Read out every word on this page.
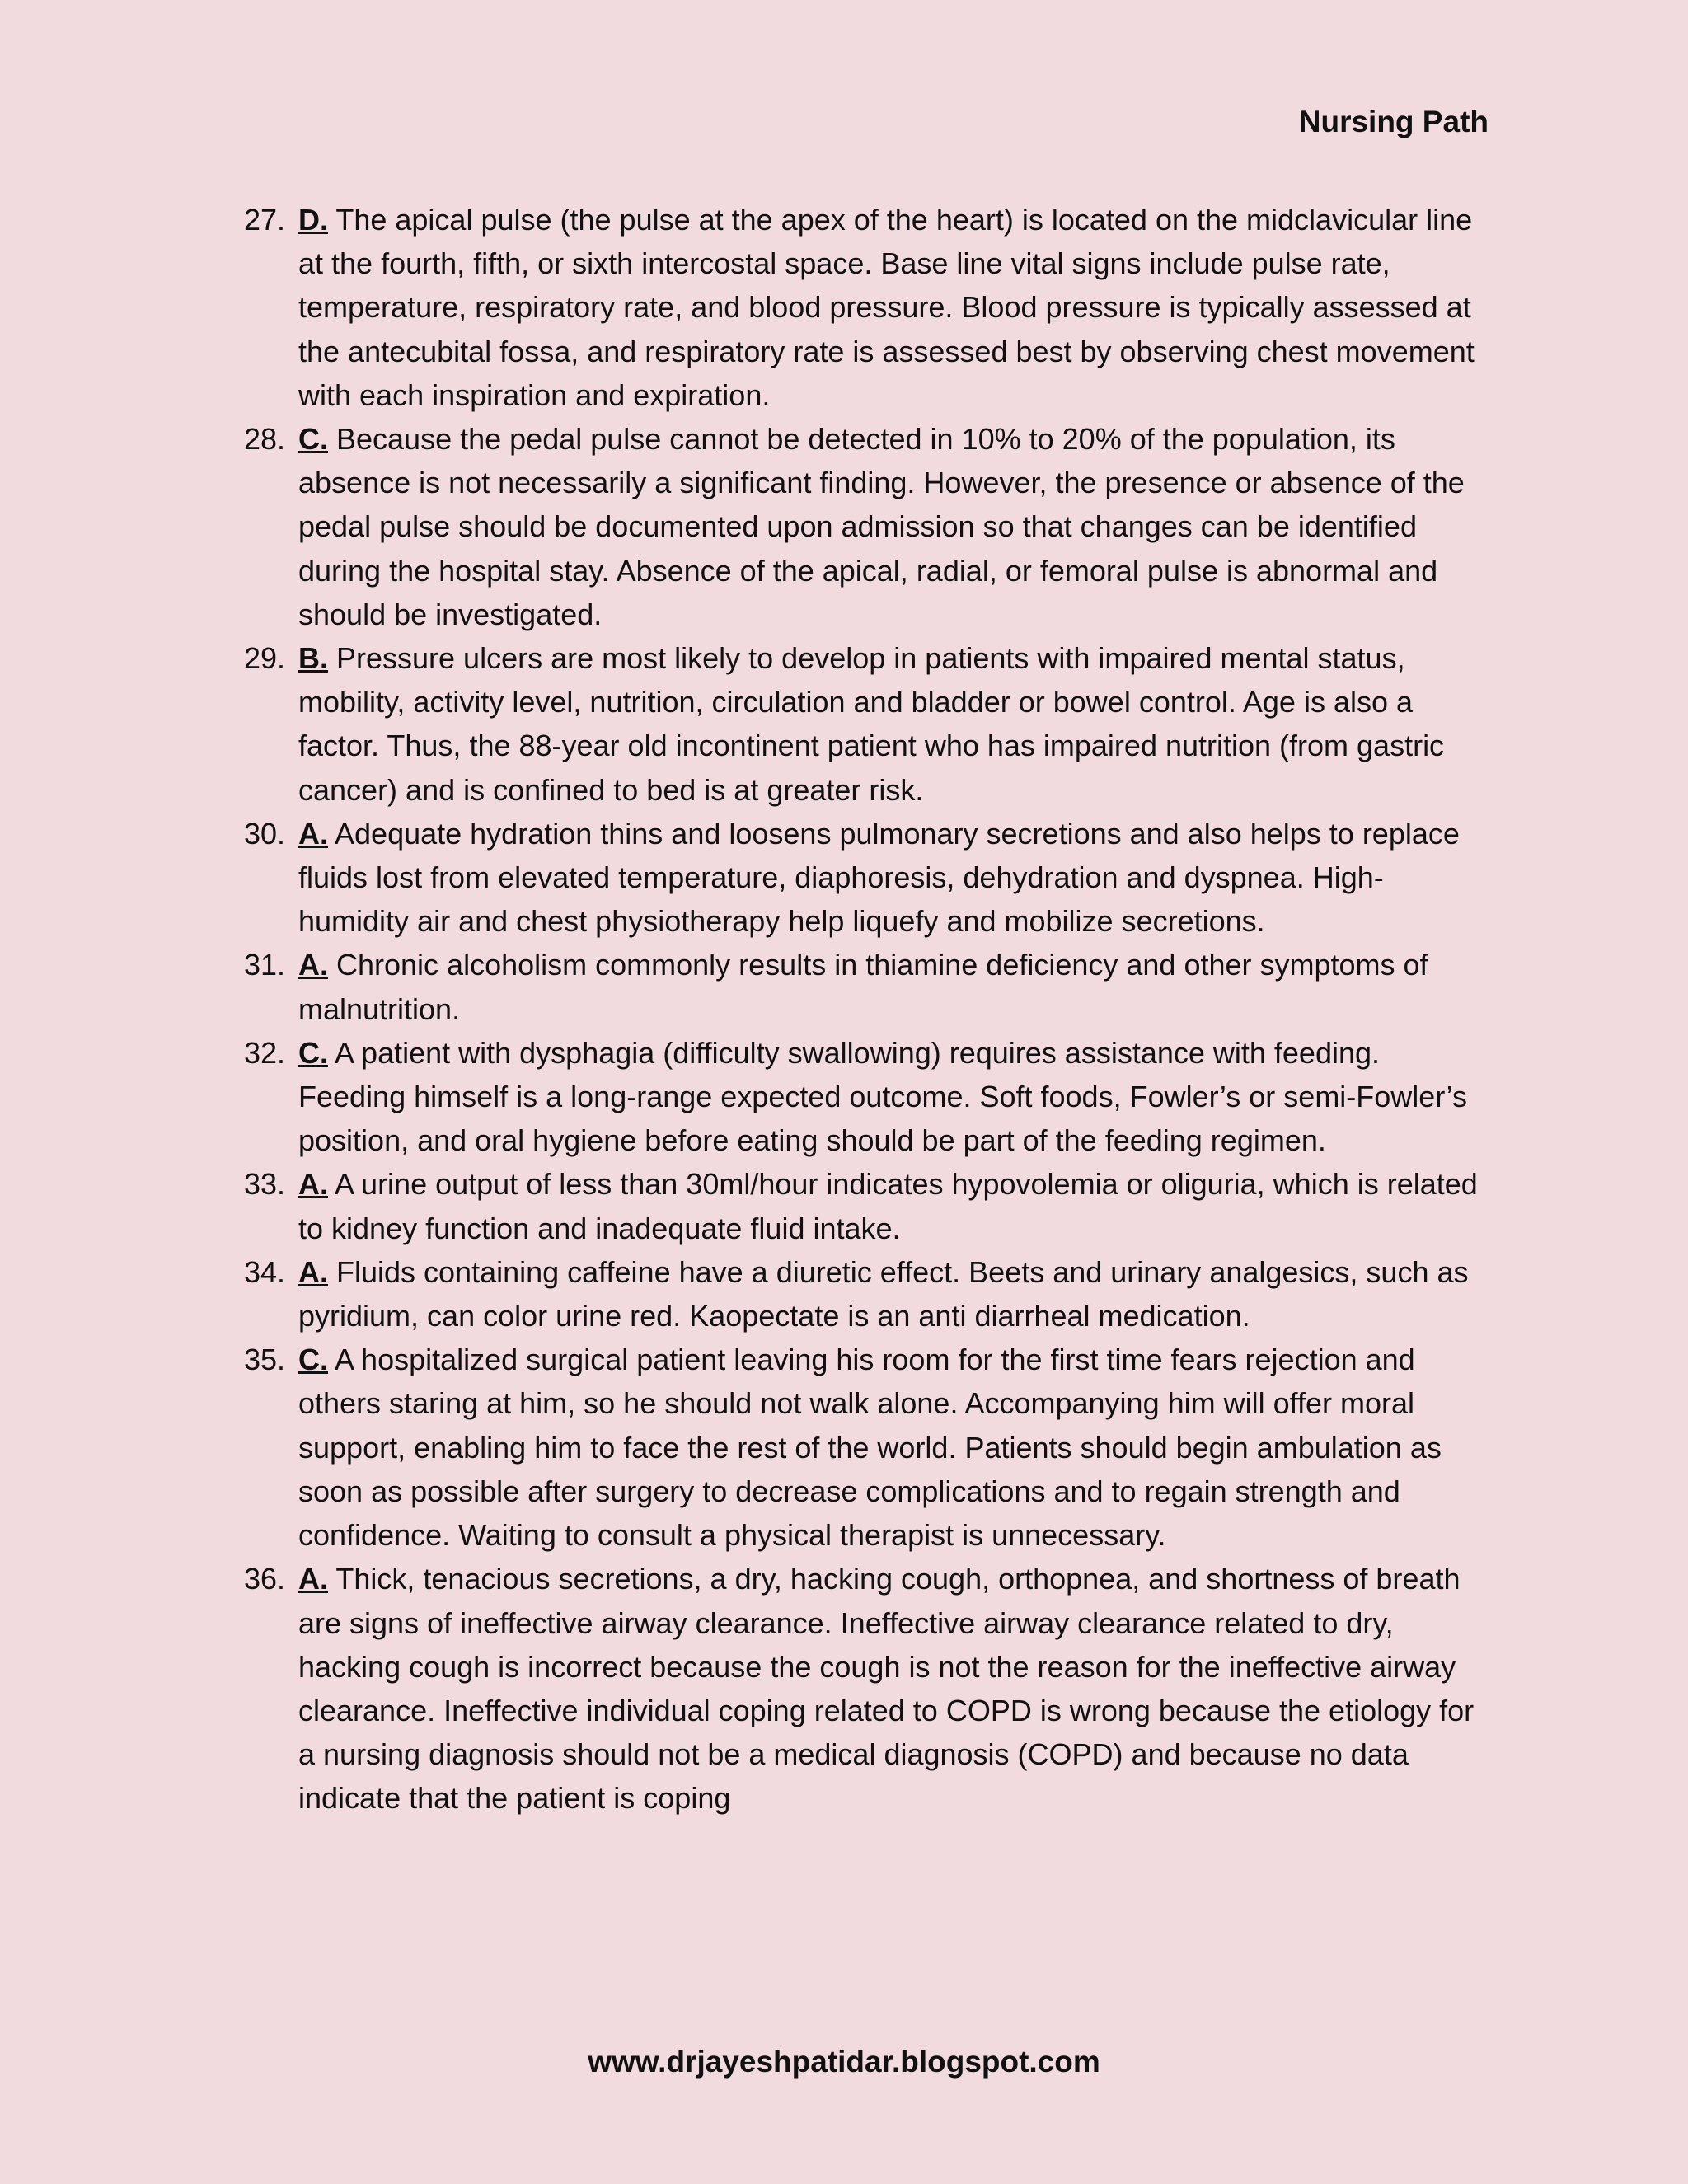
Nursing Path
27. D. The apical pulse (the pulse at the apex of the heart) is located on the midclavicular line at the fourth, fifth, or sixth intercostal space. Base line vital signs include pulse rate, temperature, respiratory rate, and blood pressure. Blood pressure is typically assessed at the antecubital fossa, and respiratory rate is assessed best by observing chest movement with each inspiration and expiration.
28. C. Because the pedal pulse cannot be detected in 10% to 20% of the population, its absence is not necessarily a significant finding. However, the presence or absence of the pedal pulse should be documented upon admission so that changes can be identified during the hospital stay. Absence of the apical, radial, or femoral pulse is abnormal and should be investigated.
29. B. Pressure ulcers are most likely to develop in patients with impaired mental status, mobility, activity level, nutrition, circulation and bladder or bowel control. Age is also a factor. Thus, the 88-year old incontinent patient who has impaired nutrition (from gastric cancer) and is confined to bed is at greater risk.
30. A. Adequate hydration thins and loosens pulmonary secretions and also helps to replace fluids lost from elevated temperature, diaphoresis, dehydration and dyspnea. High- humidity air and chest physiotherapy help liquefy and mobilize secretions.
31. A. Chronic alcoholism commonly results in thiamine deficiency and other symptoms of malnutrition.
32. C. A patient with dysphagia (difficulty swallowing) requires assistance with feeding. Feeding himself is a long-range expected outcome. Soft foods, Fowler’s or semi-Fowler’s position, and oral hygiene before eating should be part of the feeding regimen.
33. A. A urine output of less than 30ml/hour indicates hypovolemia or oliguria, which is related to kidney function and inadequate fluid intake.
34. A. Fluids containing caffeine have a diuretic effect. Beets and urinary analgesics, such as pyridium, can color urine red. Kaopectate is an anti diarrheal medication.
35. C. A hospitalized surgical patient leaving his room for the first time fears rejection and others staring at him, so he should not walk alone. Accompanying him will offer moral support, enabling him to face the rest of the world. Patients should begin ambulation as soon as possible after surgery to decrease complications and to regain strength and confidence. Waiting to consult a physical therapist is unnecessary.
36. A. Thick, tenacious secretions, a dry, hacking cough, orthopnea, and shortness of breath are signs of ineffective airway clearance. Ineffective airway clearance related to dry, hacking cough is incorrect because the cough is not the reason for the ineffective airway clearance. Ineffective individual coping related to COPD is wrong because the etiology for a nursing diagnosis should not be a medical diagnosis (COPD) and because no data indicate that the patient is coping
www.drjayeshpatidar.blogspot.com
